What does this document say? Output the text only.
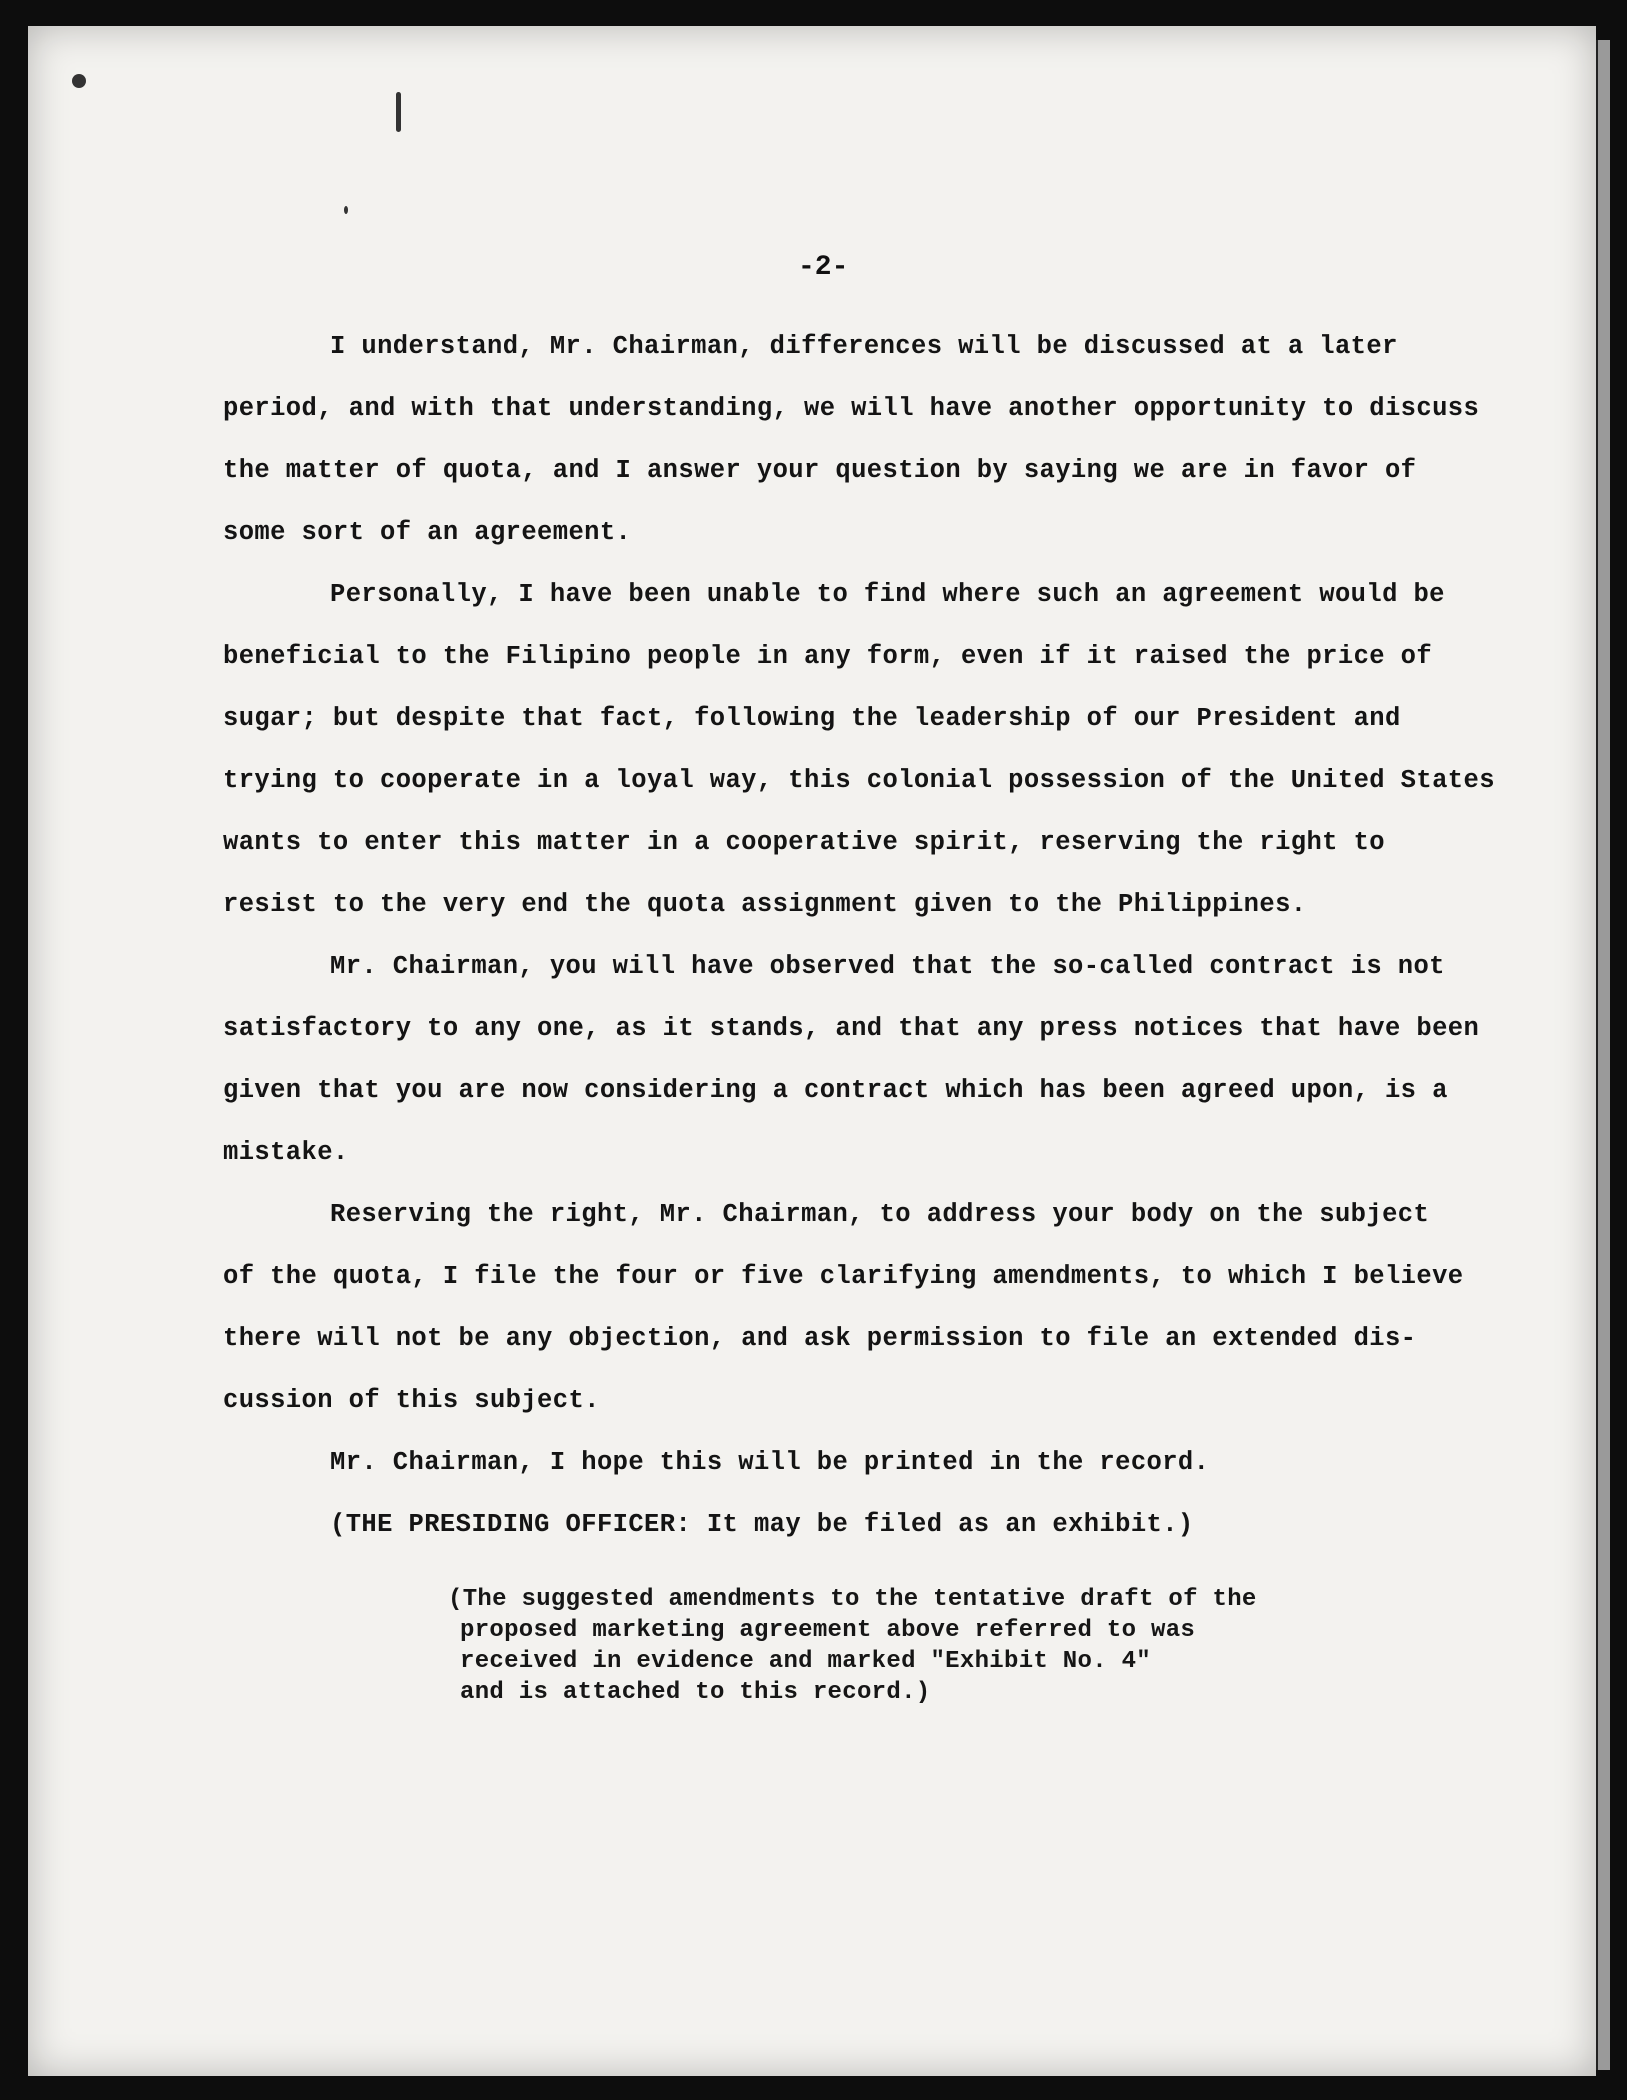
-2-
I understand, Mr. Chairman, differences will be discussed at a later
period, and with that understanding, we will have another opportunity to discuss
the matter of quota, and I answer your question by saying we are in favor of
some sort of an agreement.
Personally, I have been unable to find where such an agreement would be
beneficial to the Filipino people in any form, even if it raised the price of
sugar; but despite that fact, following the leadership of our President and
trying to cooperate in a loyal way, this colonial possession of the United States
wants to enter this matter in a cooperative spirit, reserving the right to
resist to the very end the quota assignment given to the Philippines.
Mr. Chairman, you will have observed that the so-called contract is not
satisfactory to any one, as it stands, and that any press notices that have been
given that you are now considering a contract which has been agreed upon, is a
mistake.
Reserving the right, Mr. Chairman, to address your body on the subject
of the quota, I file the four or five clarifying amendments, to which I believe
there will not be any objection, and ask permission to file an extended dis-
cussion of this subject.
Mr. Chairman, I hope this will be printed in the record.
(THE PRESIDING OFFICER: It may be filed as an exhibit.)
(The suggested amendments to the tentative draft of the
proposed marketing agreement above referred to was
received in evidence and marked "Exhibit No. 4"
and is attached to this record.)
